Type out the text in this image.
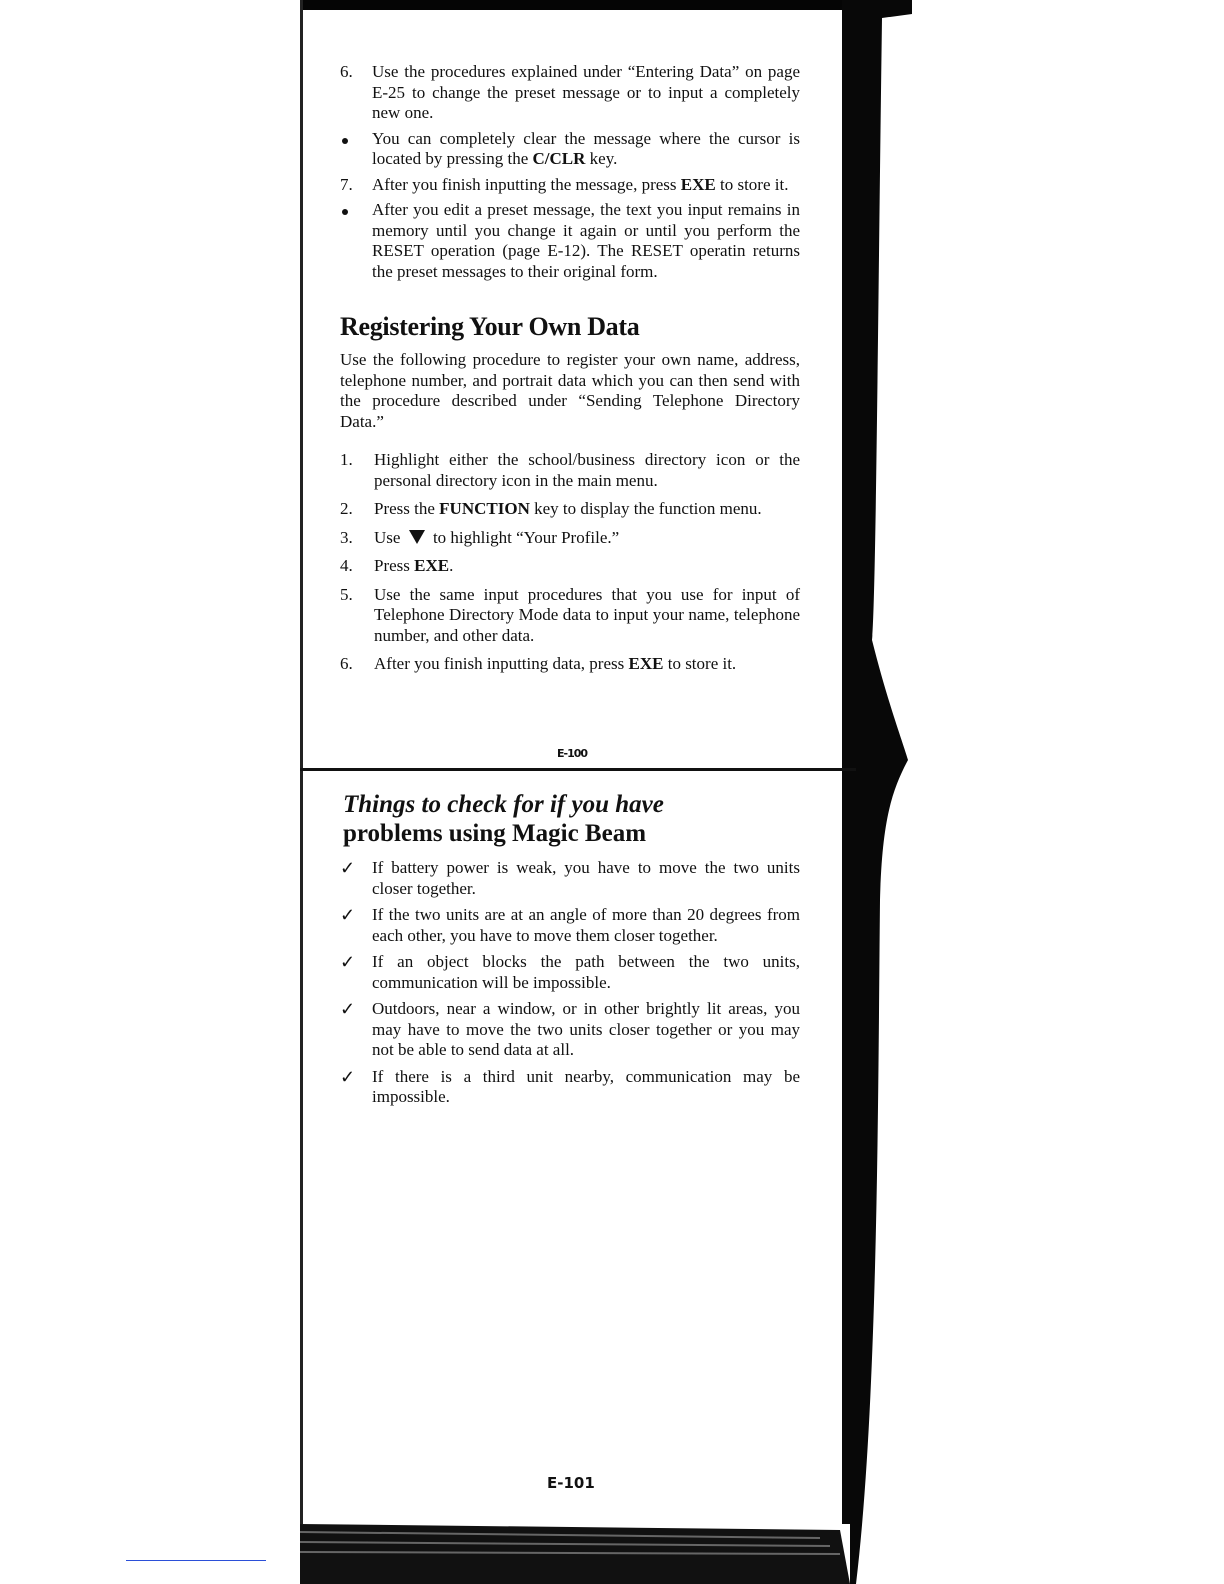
6.	Use the procedures explained under “Entering Data” on page E-25 to change the preset message or to input a completely new one.
You can completely clear the message where the cursor is located by pressing the C/CLR key.
7.	After you finish inputting the message, press EXE to store it.
After you edit a preset message, the text you input remains in memory until you change it again or until you perform the RESET operation (page E-12). The RESET operatin returns the preset messages to their original form.
Registering Your Own Data

Use the following procedure to register your own name, address, telephone number, and portrait data which you can then send with the procedure described under “Sending Telephone Directory Data.”

1.	Highlight either the school/business directory icon or the personal directory icon in the main menu.
2.	Press the FUNCTION key to display the function menu.
3.	Use  to highlight “Your Profile.”
4.	Press EXE.
5.	Use the same input procedures that you use for input of Telephone Directory Mode data to input your name, telephone number, and other data.
6.	After you finish inputting data, press EXE to store it.
E-100
Things to check for if you have
problems using Magic Beam
✓ If battery power is weak, you have to move the two units closer together.
✓ If the two units are at an angle of more than 20 degrees from each other, you have to move them closer together.
✓ If an object blocks the path between the two units, communication will be impossible.
✓ Outdoors, near a window, or in other brightly lit areas, you may have to move the two units closer together or you may not be able to send data at all.
✓ If there is a third unit nearby, communication may be impossible.
E-101
